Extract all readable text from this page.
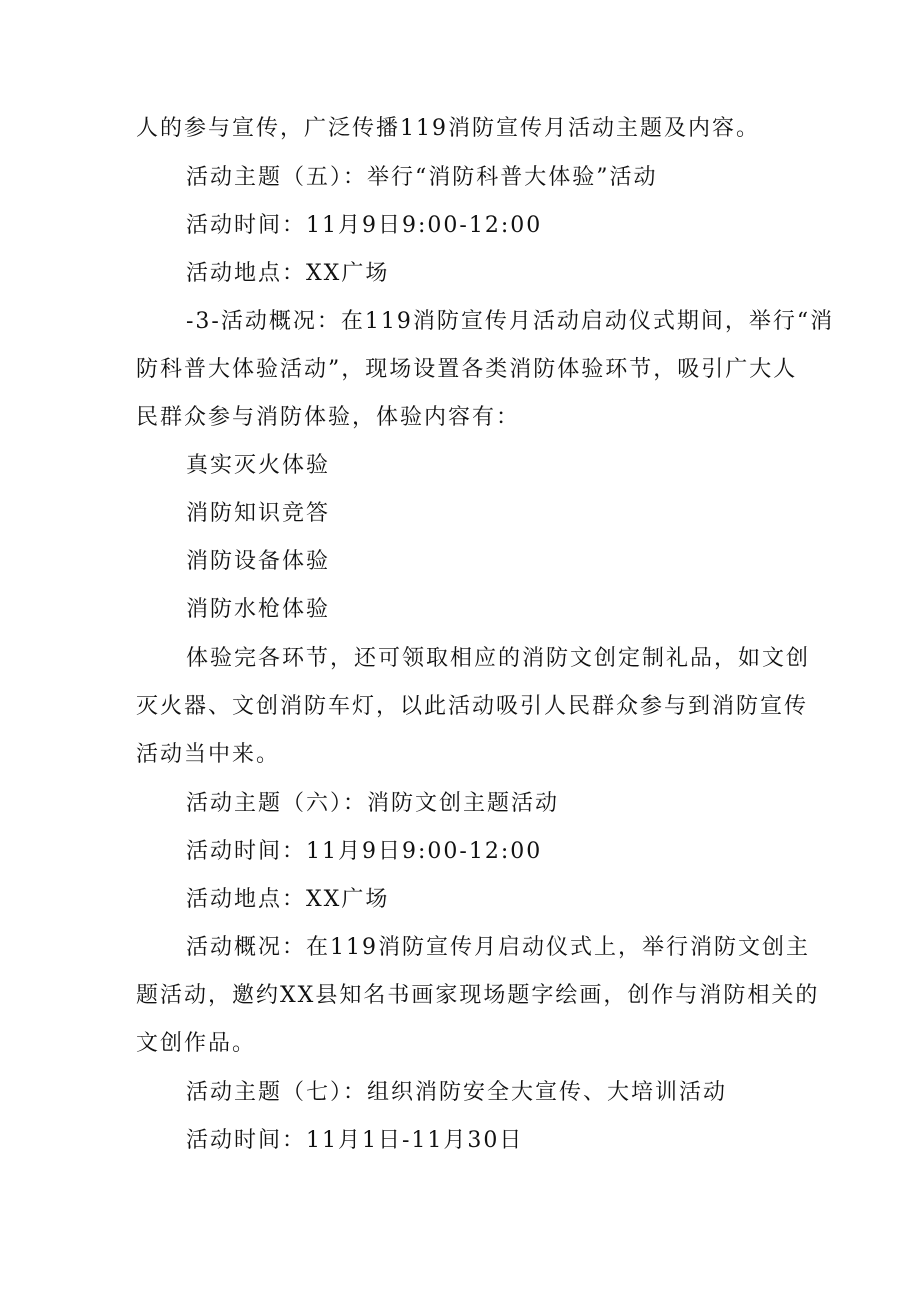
人的参与宣传，广泛传播119消防宣传月活动主题及内容。
活动主题（五）：举行“消防科普大体验”活动
活动时间：11月9日9:00-12:00
活动地点：XX广场
-3-活动概况：在119消防宣传月活动启动仪式期间，举行“消
防科普大体验活动”，现场设置各类消防体验环节，吸引广大人
民群众参与消防体验，体验内容有：
真实灭火体验
消防知识竞答
消防设备体验
消防水枪体验
体验完各环节，还可领取相应的消防文创定制礼品，如文创
灭火器、文创消防车灯，以此活动吸引人民群众参与到消防宣传
活动当中来。
活动主题（六）：消防文创主题活动
活动时间：11月9日9:00-12:00
活动地点：XX广场
活动概况：在119消防宣传月启动仪式上，举行消防文创主
题活动，邀约XX县知名书画家现场题字绘画，创作与消防相关的
文创作品。
活动主题（七）：组织消防安全大宣传、大培训活动
活动时间：11月1日-11月30日
